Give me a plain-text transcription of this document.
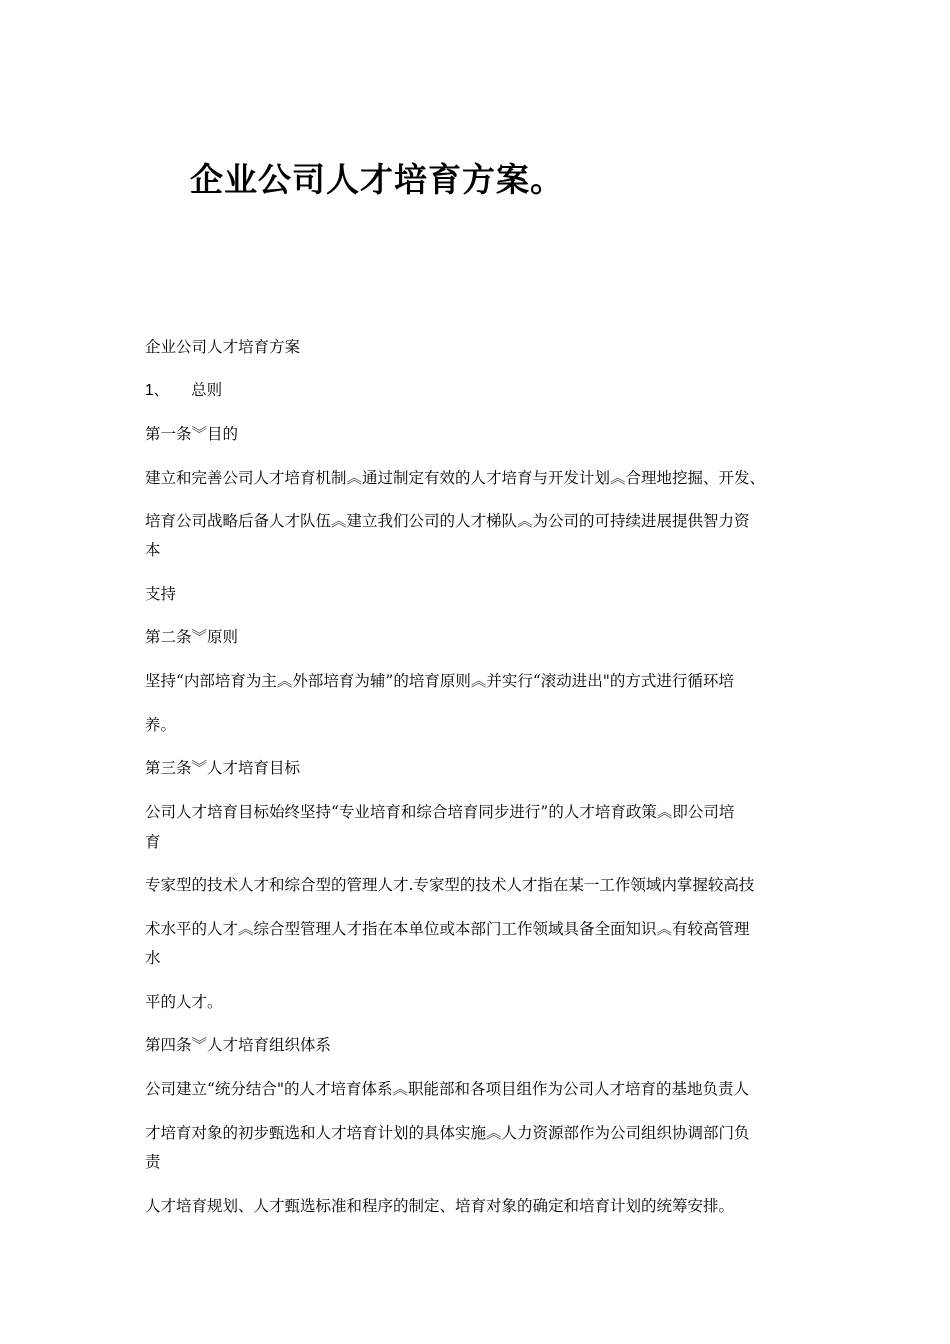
企业公司人才培育方案。
企业公司人才培育方案
1、 总则
第一条︾目的
建立和完善公司人才培育机制︽通过制定有效的人才培育与开发计划︽合理地挖掘、开发、
培育公司战略后备人才队伍︽建立我们公司的人才梯队︽为公司的可持续进展提供智力资
本
支持
第二条︾原则
坚持“内部培育为主︽外部培育为辅”的培育原则︽并实行“滚动进出"的方式进行循环培
养。
第三条︾人才培育目标
公司人才培育目标始终坚持“专业培育和综合培育同步进行”的人才培育政策︽即公司培
育
专家型的技术人才和综合型的管理人才.专家型的技术人才指在某一工作领域内掌握较高技
术水平的人才︽综合型管理人才指在本单位或本部门工作领域具备全面知识︽有较高管理
水
平的人才。
第四条︾人才培育组织体系
公司建立“统分结合"的人才培育体系︽职能部和各项目组作为公司人才培育的基地负责人
才培育对象的初步甄选和人才培育计划的具体实施︽人力资源部作为公司组织协调部门负
责
人才培育规划、人才甄选标准和程序的制定、培育对象的确定和培育计划的统筹安排。
